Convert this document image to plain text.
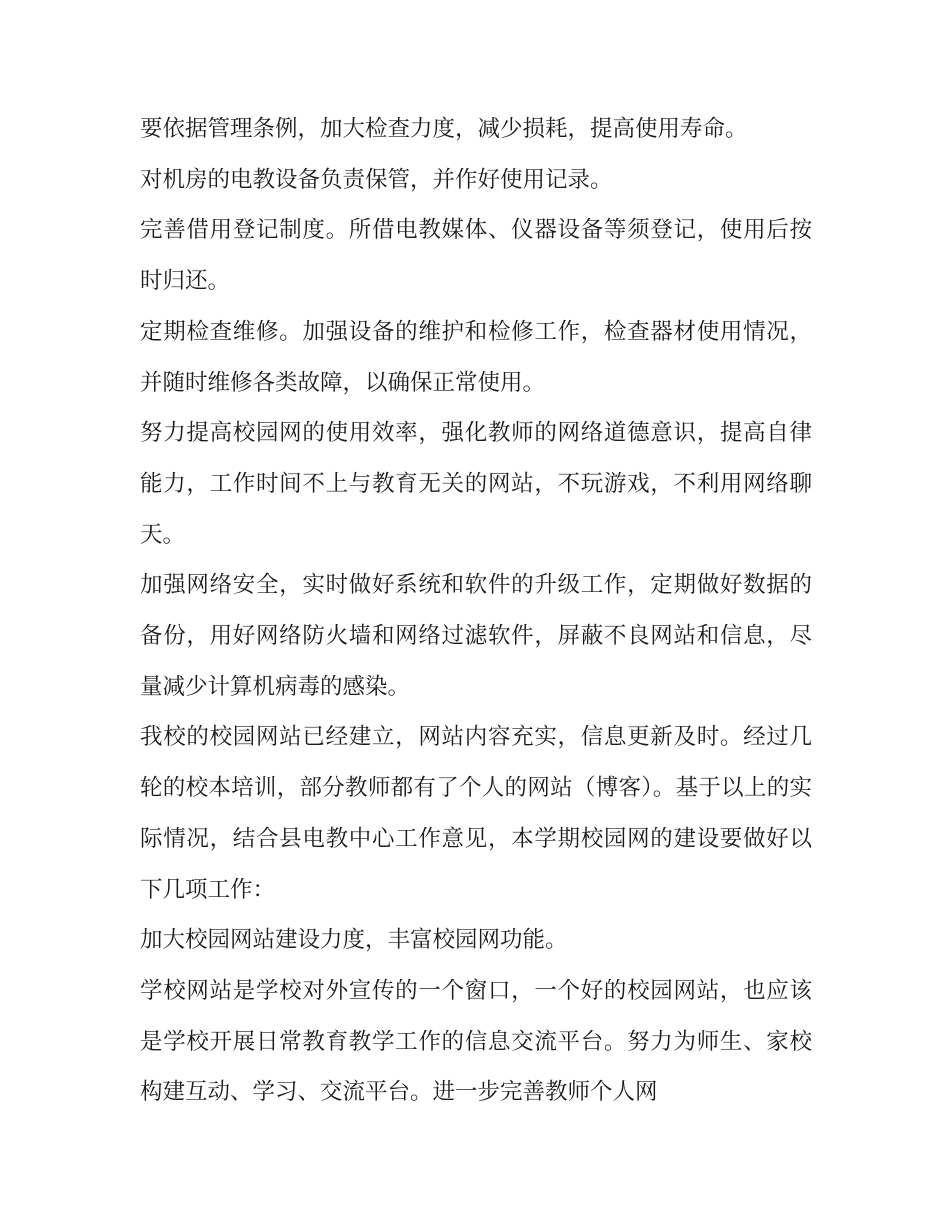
要依据管理条例，加大检查力度，减少损耗，提高使用寿命。

对机房的电教设备负责保管，并作好使用记录。

完善借用登记制度。所借电教媒体、仪器设备等须登记，使用后按时归还。

定期检查维修。加强设备的维护和检修工作，检查器材使用情况，并随时维修各类故障，以确保正常使用。

努力提高校园网的使用效率，强化教师的网络道德意识，提高自律能力，工作时间不上与教育无关的网站，不玩游戏，不利用网络聊天。

加强网络安全，实时做好系统和软件的升级工作，定期做好数据的备份，用好网络防火墙和网络过滤软件，屏蔽不良网站和信息，尽量减少计算机病毒的感染。

我校的校园网站已经建立，网站内容充实，信息更新及时。经过几轮的校本培训，部分教师都有了个人的网站（博客）。基于以上的实际情况，结合县电教中心工作意见，本学期校园网的建设要做好以下几项工作：

加大校园网站建设力度，丰富校园网功能。

学校网站是学校对外宣传的一个窗口，一个好的校园网站，也应该是学校开展日常教育教学工作的信息交流平台。努力为师生、家校构建互动、学习、交流平台。进一步完善教师个人网
